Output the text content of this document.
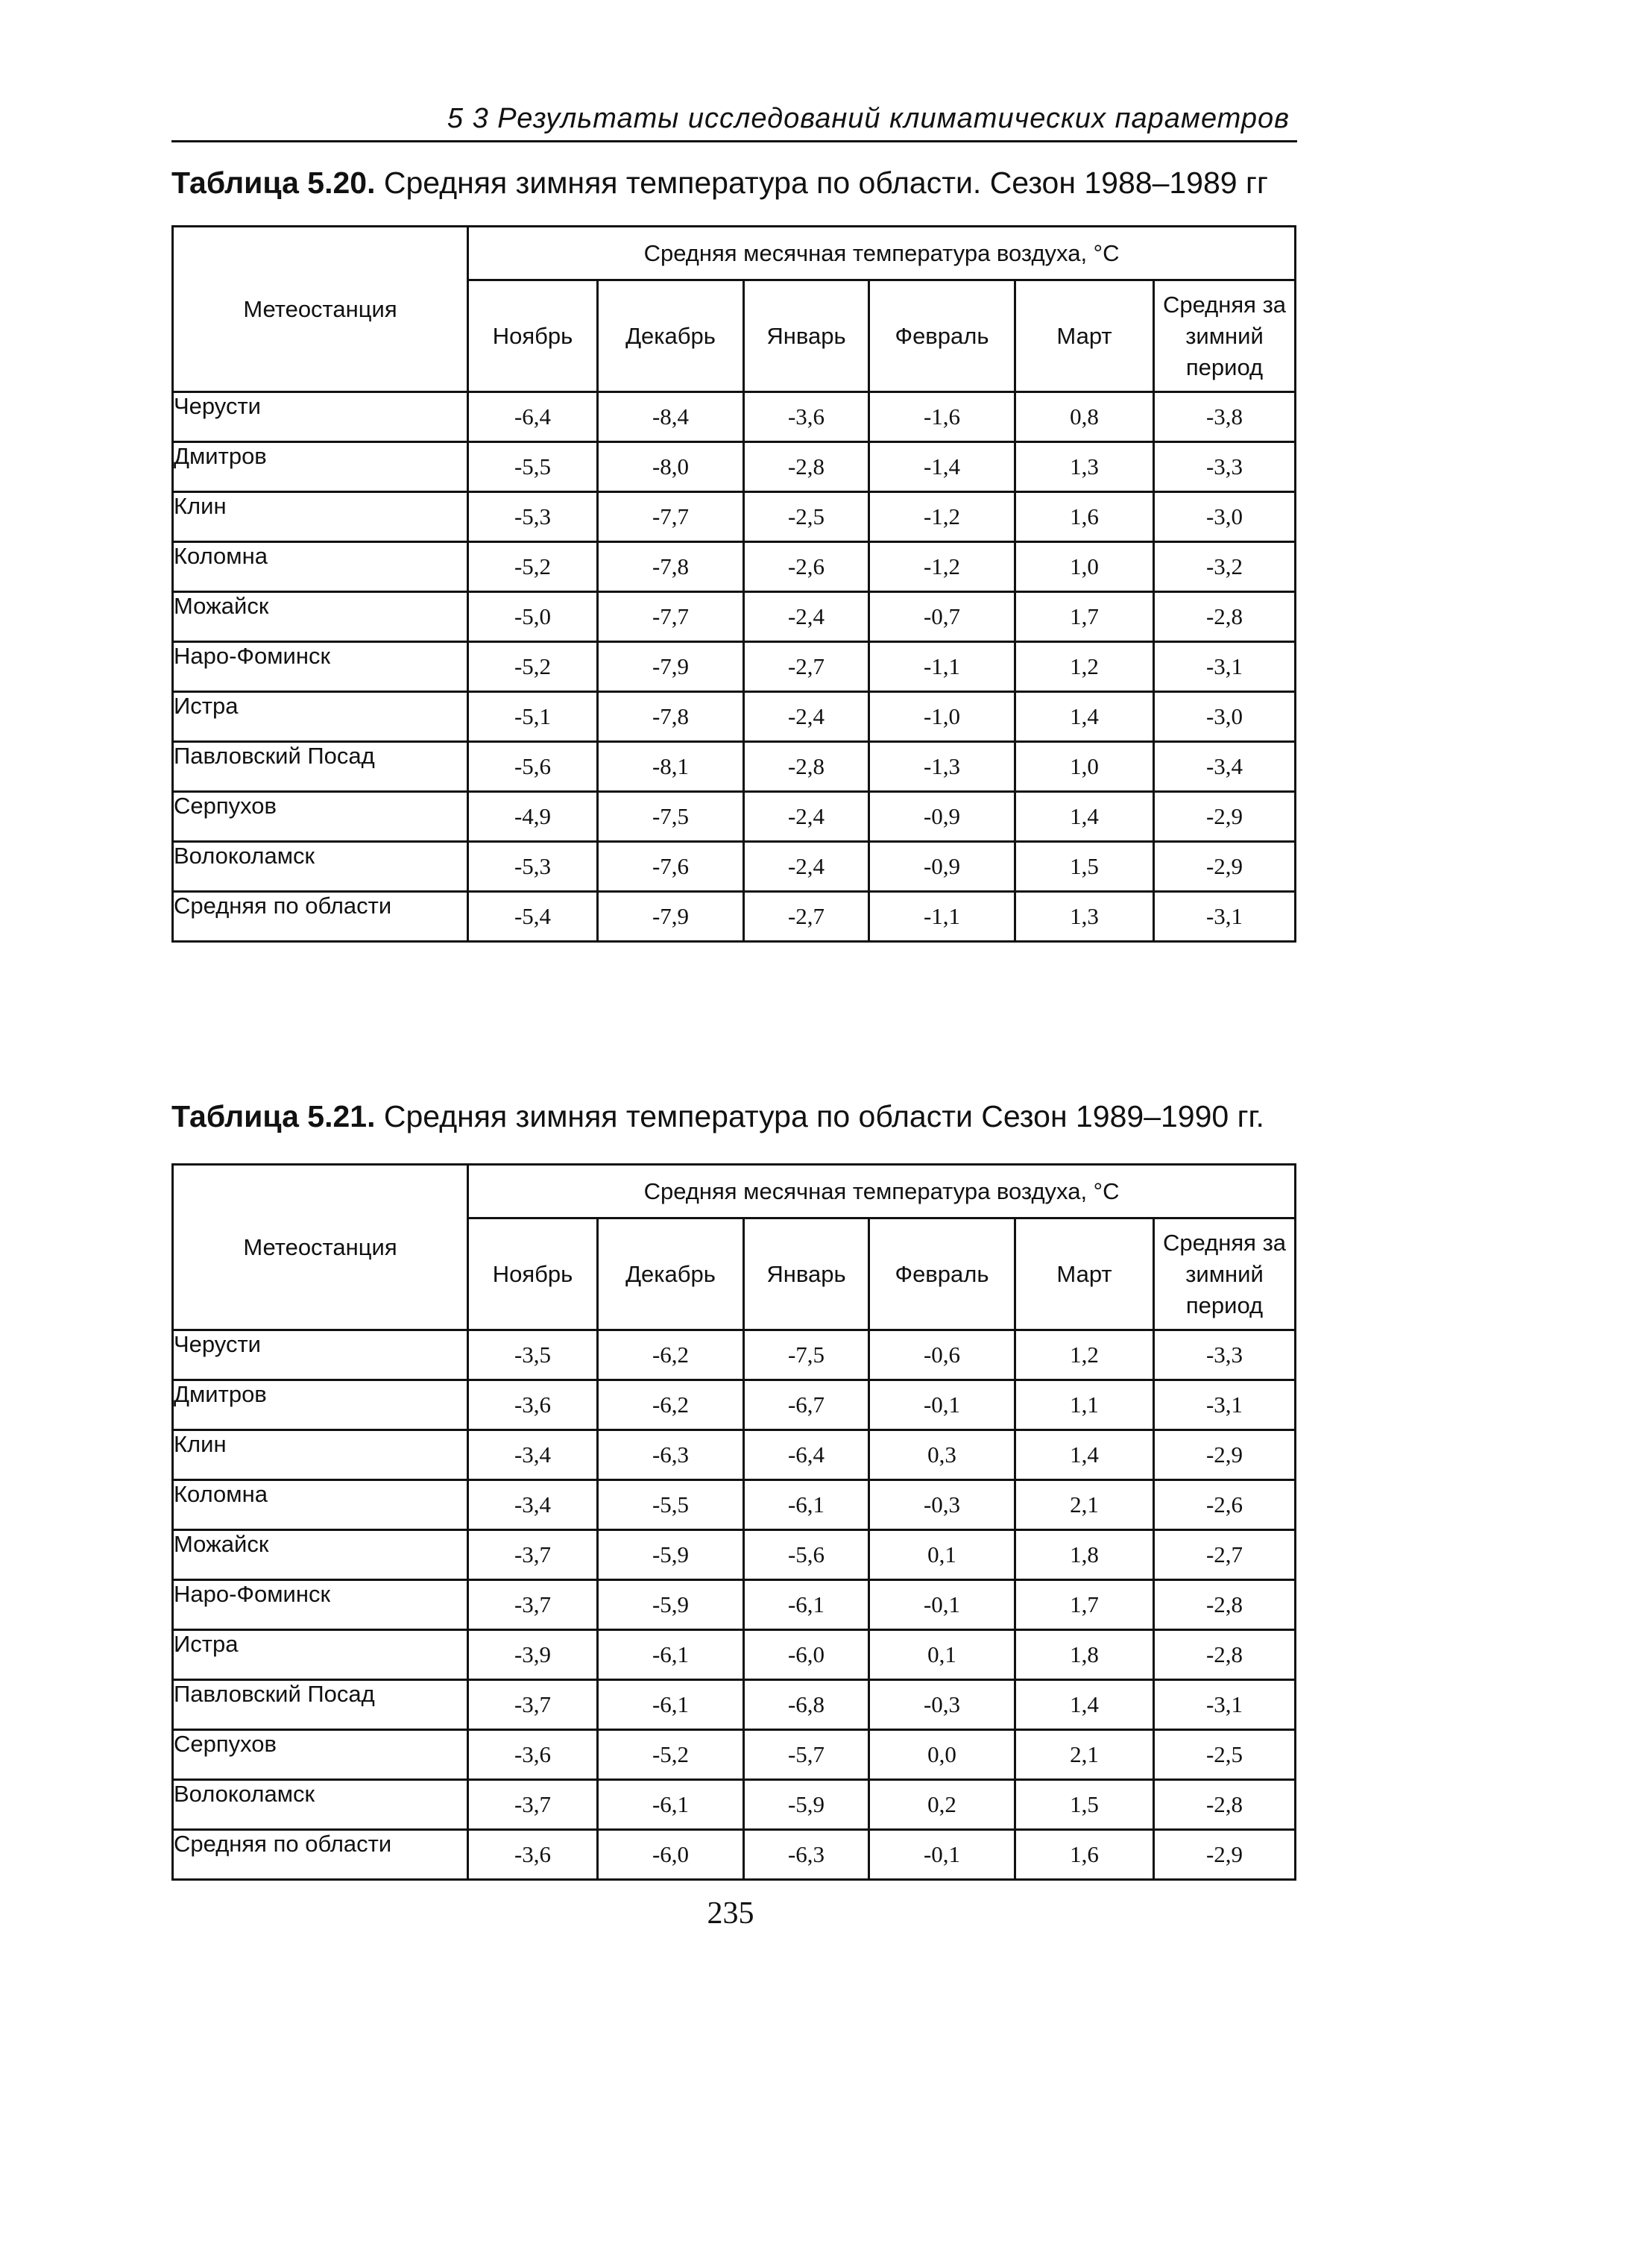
5 3 Результаты исследований климатических параметров
Таблица 5.20. Средняя зимняя температура по области. Сезон 1988–1989 гг
Метеостанция	Средняя месячная температура воздуха, °С					
	Ноябрь	Декабрь	Январь	Февраль	Март	Средняя за
зимний
период

Черусти	-6,4	-8,4	-3,6	-1,6	0,8	-3,8
Дмитров	-5,5	-8,0	-2,8	-1,4	1,3	-3,3
Клин	-5,3	-7,7	-2,5	-1,2	1,6	-3,0
Коломна	-5,2	-7,8	-2,6	-1,2	1,0	-3,2
Можайск	-5,0	-7,7	-2,4	-0,7	1,7	-2,8
Наро-Фоминск	-5,2	-7,9	-2,7	-1,1	1,2	-3,1
Истра	-5,1	-7,8	-2,4	-1,0	1,4	-3,0
Павловский Посад	-5,6	-8,1	-2,8	-1,3	1,0	-3,4
Серпухов	-4,9	-7,5	-2,4	-0,9	1,4	-2,9
Волоколамск	-5,3	-7,6	-2,4	-0,9	1,5	-2,9
Средняя по области	-5,4	-7,9	-2,7	-1,1	1,3	-3,1
Таблица 5.21. Средняя зимняя температура по области Сезон 1989–1990 гг.
Метеостанция	Средняя месячная температура воздуха, °С					
	Ноябрь	Декабрь	Январь	Февраль	Март	Средняя за
зимний
период

Черусти	-3,5	-6,2	-7,5	-0,6	1,2	-3,3
Дмитров	-3,6	-6,2	-6,7	-0,1	1,1	-3,1
Клин	-3,4	-6,3	-6,4	0,3	1,4	-2,9
Коломна	-3,4	-5,5	-6,1	-0,3	2,1	-2,6
Можайск	-3,7	-5,9	-5,6	0,1	1,8	-2,7
Наро-Фоминск	-3,7	-5,9	-6,1	-0,1	1,7	-2,8
Истра	-3,9	-6,1	-6,0	0,1	1,8	-2,8
Павловский Посад	-3,7	-6,1	-6,8	-0,3	1,4	-3,1
Серпухов	-3,6	-5,2	-5,7	0,0	2,1	-2,5
Волоколамск	-3,7	-6,1	-5,9	0,2	1,5	-2,8
Средняя по области	-3,6	-6,0	-6,3	-0,1	1,6	-2,9
235
